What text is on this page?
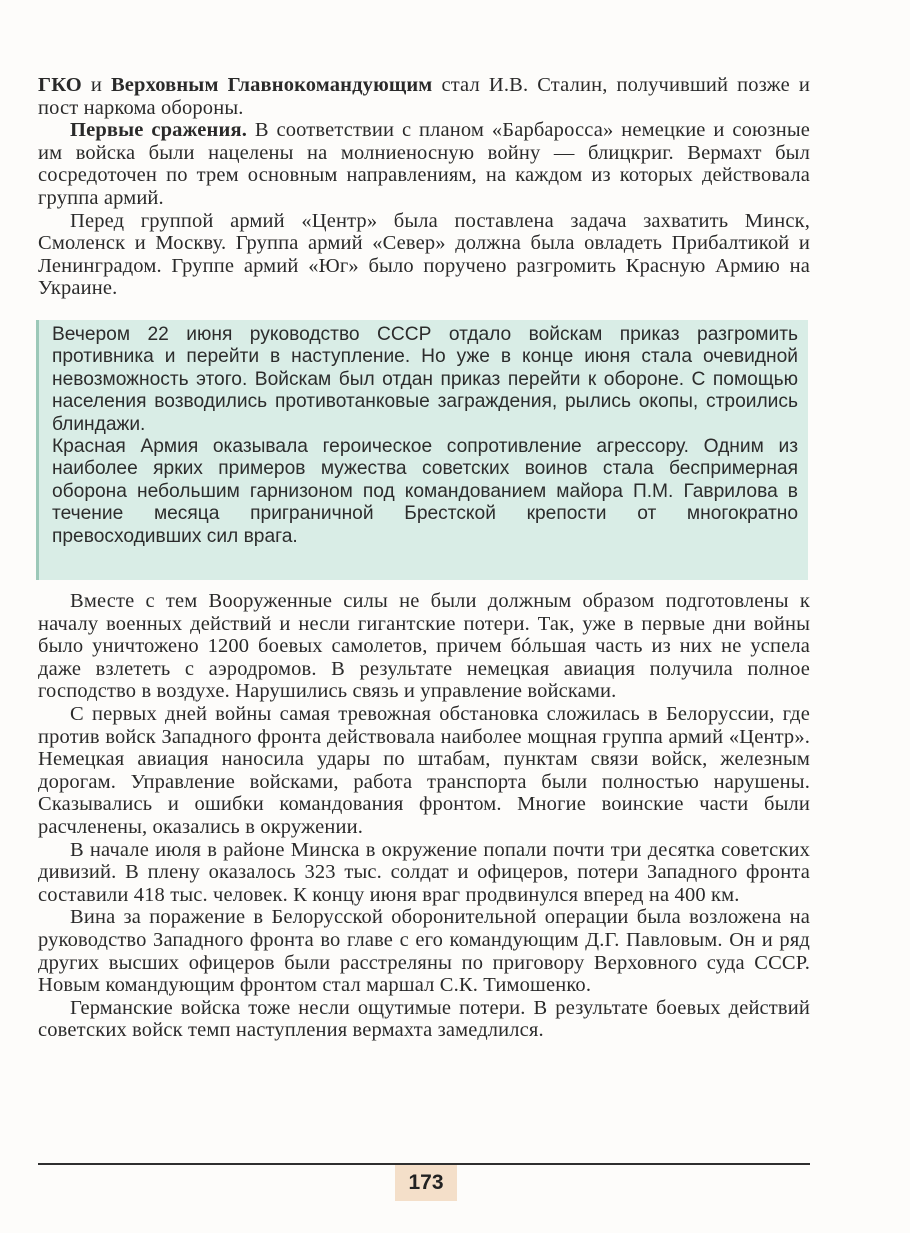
ГКО и Верховным Главнокомандующим стал И.В. Сталин, получивший позже и пост наркома обороны.

Первые сражения. В соответствии с планом «Барбаросса» немецкие и союзные им войска были нацелены на молниеносную войну — блицкриг. Вермахт был сосредоточен по трем основным направлениям, на каждом из которых действовала группа армий.

Перед группой армий «Центр» была поставлена задача захватить Минск, Смоленск и Москву. Группа армий «Север» должна была овладеть Прибалтикой и Ленинградом. Группе армий «Юг» было поручено разгромить Красную Армию на Украине.

Вечером 22 июня руководство СССР отдало войскам приказ разгромить противника и перейти в наступление. Но уже в конце июня стала очевидной невозможность этого. Войскам был отдан приказ перейти к обороне. С помощью населения возводились противотанковые заграждения, рылись окопы, строились блиндажи.

Красная Армия оказывала героическое сопротивление агрессору. Одним из наиболее ярких примеров мужества советских воинов стала беспримерная оборона небольшим гарнизоном под командованием майора П.М. Гаврилова в течение месяца приграничной Брестской крепости от многократно превосходивших сил врага.

Вместе с тем Вооруженные силы не были должным образом подготовлены к началу военных действий и несли гигантские потери. Так, уже в первые дни войны было уничтожено 1200 боевых самолетов, причем бóльшая часть из них не успела даже взлететь с аэродромов. В результате немецкая авиация получила полное господство в воздухе. Нарушились связь и управление войсками.

С первых дней войны самая тревожная обстановка сложилась в Белоруссии, где против войск Западного фронта действовала наиболее мощная группа армий «Центр». Немецкая авиация наносила удары по штабам, пунктам связи войск, железным дорогам. Управление войсками, работа транспорта были полностью нарушены. Сказывались и ошибки командования фронтом. Многие воинские части были расчленены, оказались в окружении.

В начале июля в районе Минска в окружение попали почти три десятка советских дивизий. В плену оказалось 323 тыс. солдат и офицеров, потери Западного фронта составили 418 тыс. человек. К концу июня враг продвинулся вперед на 400 км.

Вина за поражение в Белорусской оборонительной операции была возложена на руководство Западного фронта во главе с его командующим Д.Г. Павловым. Он и ряд других высших офицеров были расстреляны по приговору Верховного суда СССР. Новым командующим фронтом стал маршал С.К. Тимошенко.

Германские войска тоже несли ощутимые потери. В результате боевых действий советских войск темп наступления вермахта замедлился.

173
